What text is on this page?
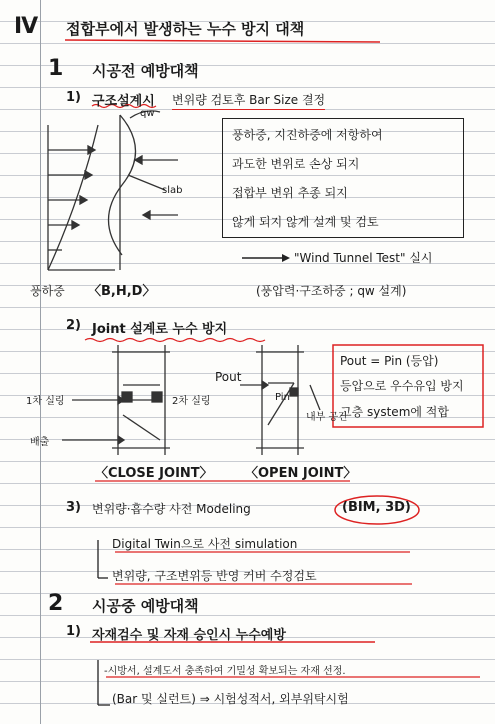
Ⅳ 접합부에서 발생하는 누수 방지 대책
1 시공전 예방대책
1) 구조설계시 변위량 검토후 Bar Size 결정
qw
slab
풍하중, 지진하중에 저항하여
과도한 변위로 손상 되지
접합부 변위 추종 되지
않게 되지 않게 설계 및 검토
"Wind Tunnel Test" 실시
풍하중 〈B,H,D〉	(풍압력·구조하중 ; qw 설계)
2) Joint 설계로 누수 방지
1차 실링	2차 실링
배출
Pout
Pin
내부 공간
Pout = Pin (등압)
등압으로 우수유입 방지
고층 system에 적합
〈CLOSE JOINT〉 〈OPEN JOINT〉
3) 변위량·흡수량 사전 Modeling	(BIM, 3D)
Digital Twin으로 사전 simulation
변위량, 구조변위등 반영 커버 수정검토
2 시공중 예방대책
1) 자재검수 및 자재 승인시 누수예방
-시방서, 설계도서 충족하여 기밀성 확보되는 자재 선정.
(Bar 및 실런트) ⇒ 시험성적서, 외부위탁시험
